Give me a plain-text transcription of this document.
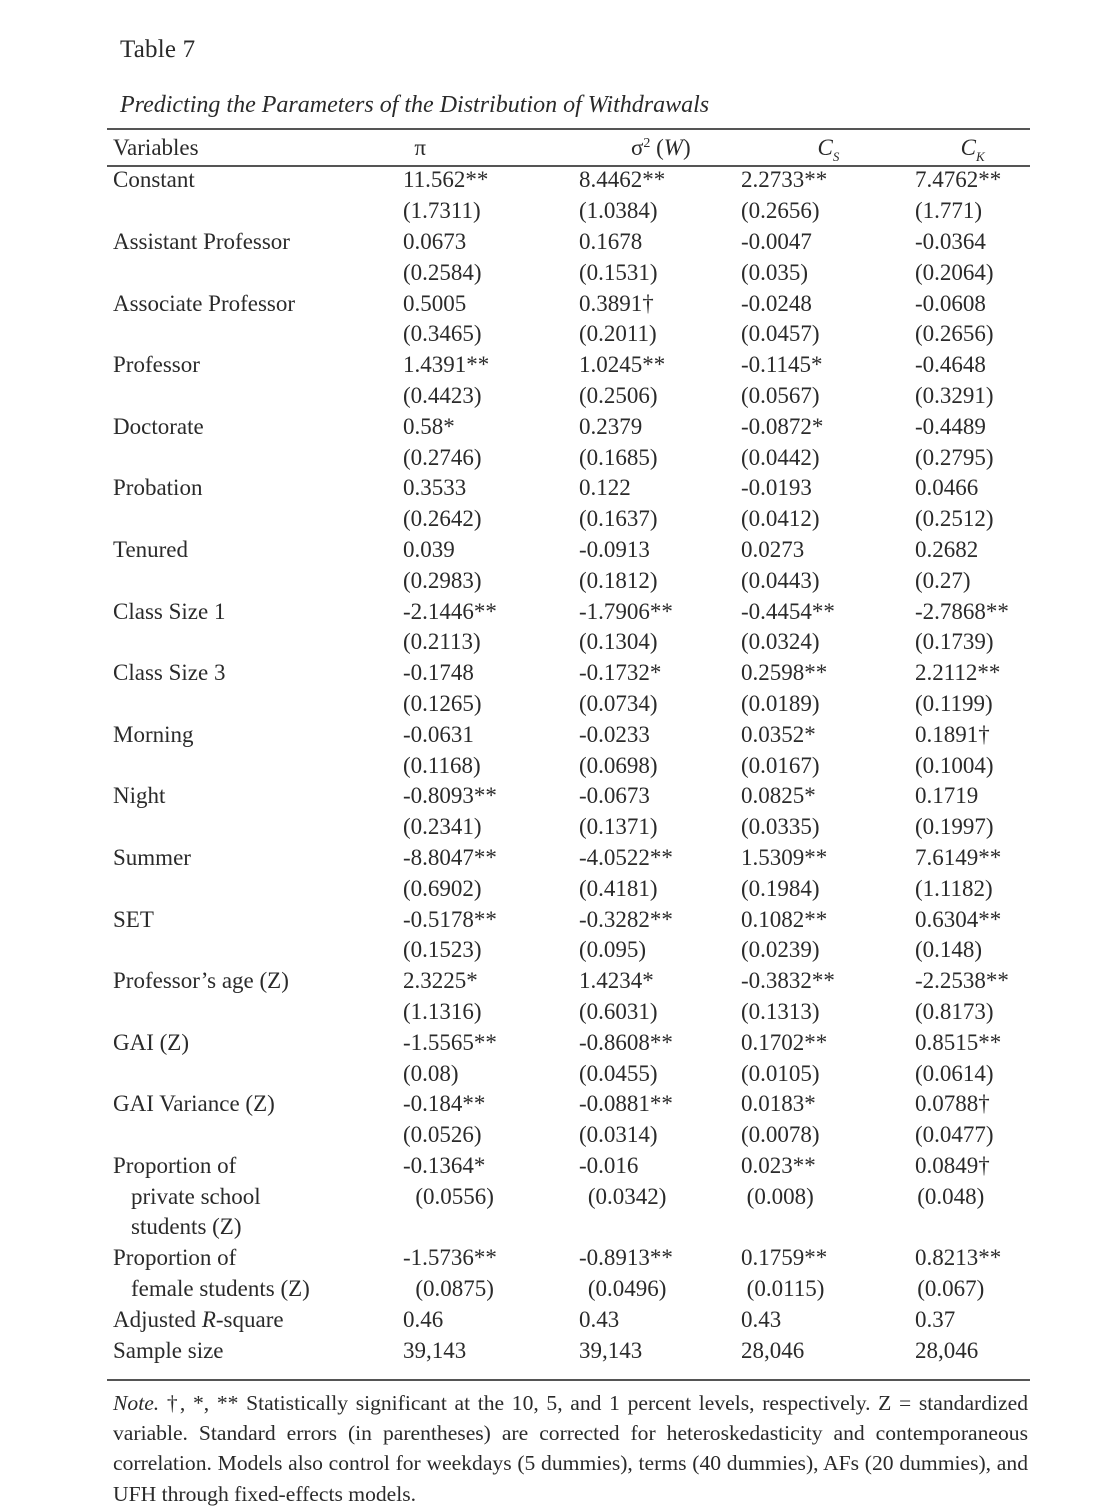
Table 7
Predicting the Parameters of the Distribution of Withdrawals
Variables	π	$\sigma^2$ (W)	$C_S$	$C_K$
Constant	11.562**	8.4462**	2.2733**	7.4762**
(1.7311)	(1.0384)	(0.2656)	(1.771)
Assistant Professor	0.0673	0.1678	-0.0047	-0.0364
(0.2584)	(0.1531)	(0.035)	(0.2064)
Associate Professor	0.5005	0.3891†	-0.0248	-0.0608
(0.3465)	(0.2011)	(0.0457)	(0.2656)
Professor	1.4391**	1.0245**	-0.1145*	-0.4648
(0.4423)	(0.2506)	(0.0567)	(0.3291)
Doctorate	0.58*	0.2379	-0.0872*	-0.4489
(0.2746)	(0.1685)	(0.0442)	(0.2795)
Probation	0.3533	0.122	-0.0193	0.0466
(0.2642)	(0.1637)	(0.0412)	(0.2512)
Tenured	0.039	-0.0913	0.0273	0.2682
(0.2983)	(0.1812)	(0.0443)	(0.27)
Class Size 1	-2.1446**	-1.7906**	-0.4454**	-2.7868**
(0.2113)	(0.1304)	(0.0324)	(0.1739)
Class Size 3	-0.1748	-0.1732*	0.2598**	2.2112**
(0.1265)	(0.0734)	(0.0189)	(0.1199)
Morning	-0.0631	-0.0233	0.0352*	0.1891†
(0.1168)	(0.0698)	(0.0167)	(0.1004)
Night	-0.8093**	-0.0673	0.0825*	0.1719
(0.2341)	(0.1371)	(0.0335)	(0.1997)
Summer	-8.8047**	-4.0522**	1.5309**	7.6149**
(0.6902)	(0.4181)	(0.1984)	(1.1182)
SET	-0.5178**	-0.3282**	0.1082**	0.6304**
(0.1523)	(0.095)	(0.0239)	(0.148)
Professor’s age (Z)	2.3225*	1.4234*	-0.3832**	-2.2538**
(1.1316)	(0.6031)	(0.1313)	(0.8173)
GAI (Z)	-1.5565**	-0.8608**	0.1702**	0.8515**
(0.08)	(0.0455)	(0.0105)	(0.0614)
GAI Variance (Z)	-0.184**	-0.0881**	0.0183*	0.0788†
(0.0526)	(0.0314)	(0.0078)	(0.0477)
Proportion of	-0.1364*	-0.016	0.023**	0.0849†
private school	(0.0556)	(0.0342)	(0.008)	(0.048)
students (Z)
Proportion of	-1.5736**	-0.8913**	0.1759**	0.8213**
female students (Z)	(0.0875)	(0.0496)	(0.0115)	(0.067)
Adjusted R-square	0.46	0.43	0.43	0.37
Sample size	39,143	39,143	28,046	28,046
Note. †, *, ** Statistically significant at the 10, 5, and 1 percent levels, respectively. Z = standardized variable. Standard errors (in parentheses) are corrected for heteroskedasticity and contemporaneous correlation. Models also control for weekdays (5 dummies), terms (40 dummies), AFs (20 dummies), and UFH through fixed-effects models.
